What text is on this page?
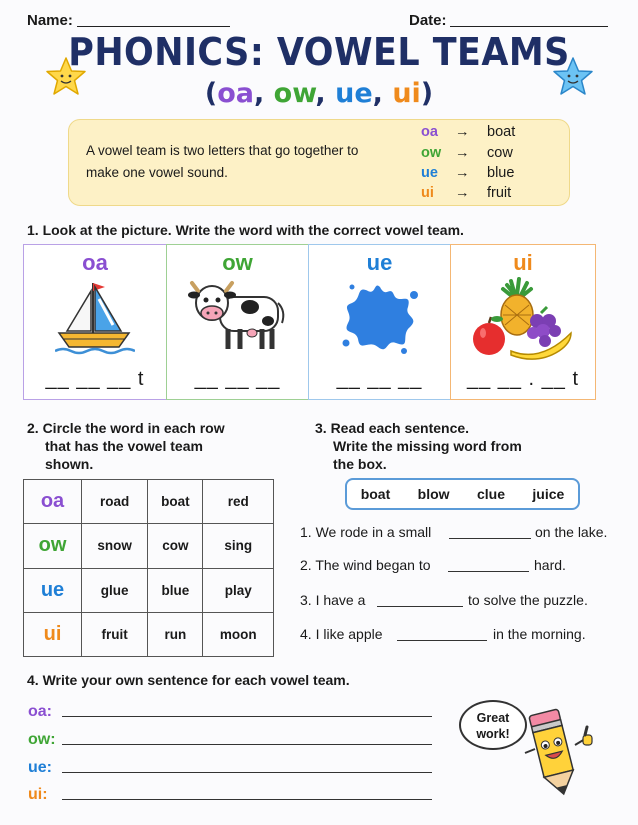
Name:	Date:
PHONICS: VOWEL TEAMS
(oa, ow, ue, ui)
A vowel team is two letters that go together to make one vowel sound.
oa → boat
ow → cow
ue → blue
ui → fruit
1. Look at the picture. Write the word with the correct vowel team.
oa
__ __ __ t
ow
__ __ __
ue
__ __ __
ui
__ __ . __ t
2. Circle the word in each row
that has the vowel team
shown.
oa	road	boat	red
ow	snow	cow	sing
ue	glue	blue	play
ui	fruit	run	moon
3. Read each sentence.
Write the missing word from
the box.
boat blow clue juice
1. We rode in a small	on the lake.
2. The wind began to	hard.
3. I have a	to solve the puzzle.
4. I like apple	in the morning.
4. Write your own sentence for each vowel team.
oa:
ow:
ue:
ui:
Great
work!
